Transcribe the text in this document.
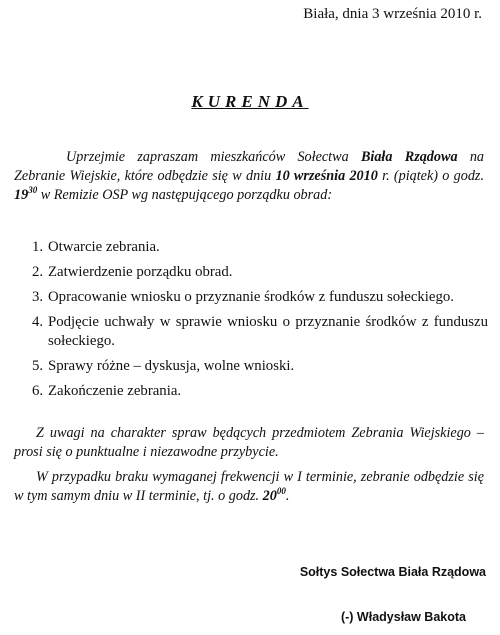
Biała, dnia 3 września 2010 r.
KURENDA
Uprzejmie zapraszam mieszkańców Sołectwa Biała Rządowa na Zebranie Wiejskie, które odbędzie się w dniu 10 września 2010 r. (piątek) o godz. $19^{30}$ w Remizie OSP wg następującego porządku obrad:
1. Otwarcie zebrania.
2. Zatwierdzenie porządku obrad.
3. Opracowanie wniosku o przyznanie środków z funduszu sołeckiego.
4. Podjęcie uchwały w sprawie wniosku o przyznanie środków z funduszu sołeckiego.
5. Sprawy różne – dyskusja, wolne wnioski.
6. Zakończenie zebrania.

Z uwagi na charakter spraw będących przedmiotem Zebrania Wiejskiego – prosi się o punktualne i niezawodne przybycie.

W przypadku braku wymaganej frekwencji w I terminie, zebranie odbędzie się w tym samym dniu w II terminie, tj. o godz. $20^{00}$.

Sołtys Sołectwa Biała Rządowa
(-) Władysław Bakota
